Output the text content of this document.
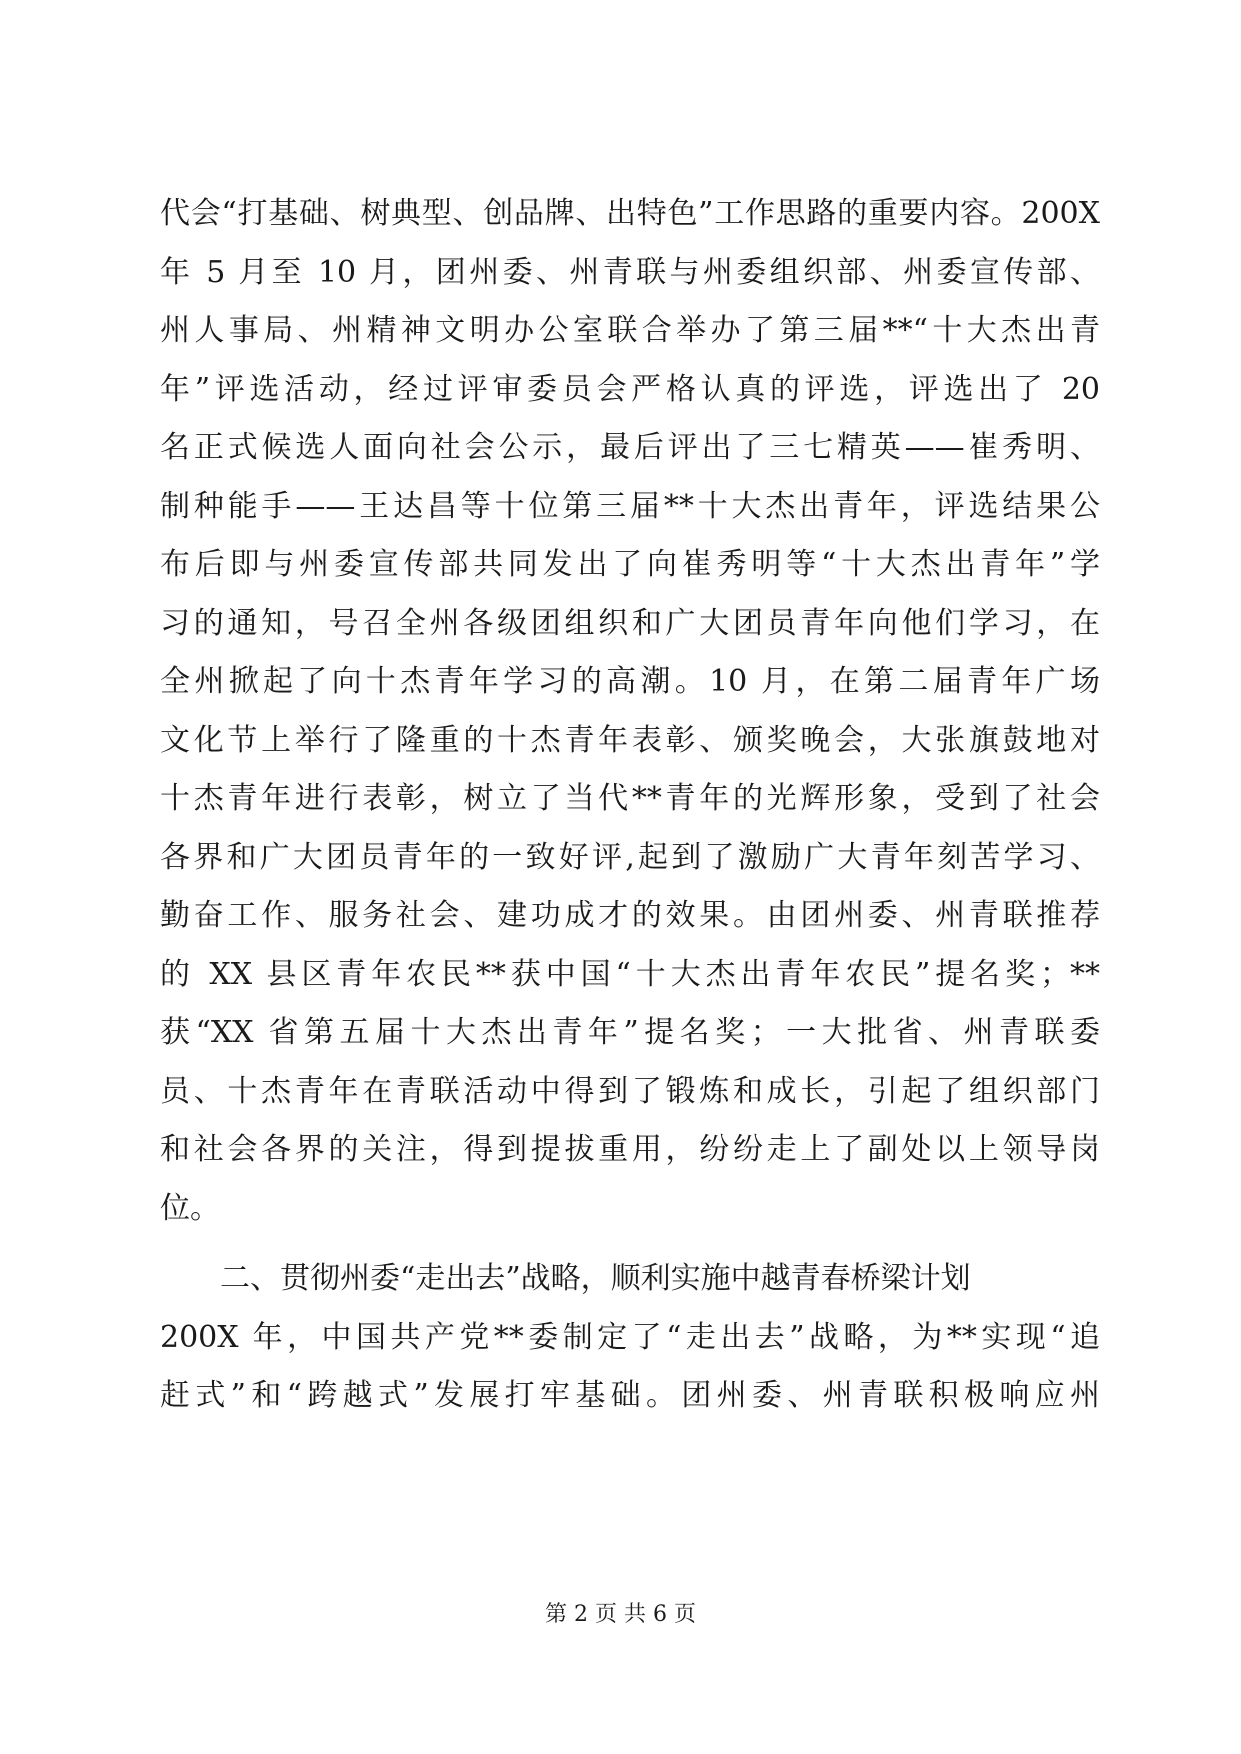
代会“打基础、树典型、创品牌、出特色”工作思路的重要内容。200X
年 5 月至 10 月，团州委、州青联与州委组织部、州委宣传部、
州人事局、州精神文明办公室联合举办了第三届**“十大杰出青
年”评选活动，经过评审委员会严格认真的评选，评选出了 20
名正式候选人面向社会公示，最后评出了三七精英——崔秀明、
制种能手——王达昌等十位第三届**十大杰出青年，评选结果公
布后即与州委宣传部共同发出了向崔秀明等“十大杰出青年”学
习的通知，号召全州各级团组织和广大团员青年向他们学习，在
全州掀起了向十杰青年学习的高潮。10 月，在第二届青年广场
文化节上举行了隆重的十杰青年表彰、颁奖晚会，大张旗鼓地对
十杰青年进行表彰，树立了当代**青年的光辉形象，受到了社会
各界和广大团员青年的一致好评,起到了激励广大青年刻苦学习、
勤奋工作、服务社会、建功成才的效果。由团州委、州青联推荐
的 XX 县区青年农民**获中国“十大杰出青年农民”提名奖；**
获“XX 省第五届十大杰出青年”提名奖；一大批省、州青联委
员、十杰青年在青联活动中得到了锻炼和成长，引起了组织部门
和社会各界的关注，得到提拔重用，纷纷走上了副处以上领导岗
位。
二、贯彻州委“走出去”战略，顺利实施中越青春桥梁计划
200X 年，中国共产党**委制定了“走出去”战略，为**实现“追
赶式”和“跨越式”发展打牢基础。团州委、州青联积极响应州
第 2 页 共 6 页
